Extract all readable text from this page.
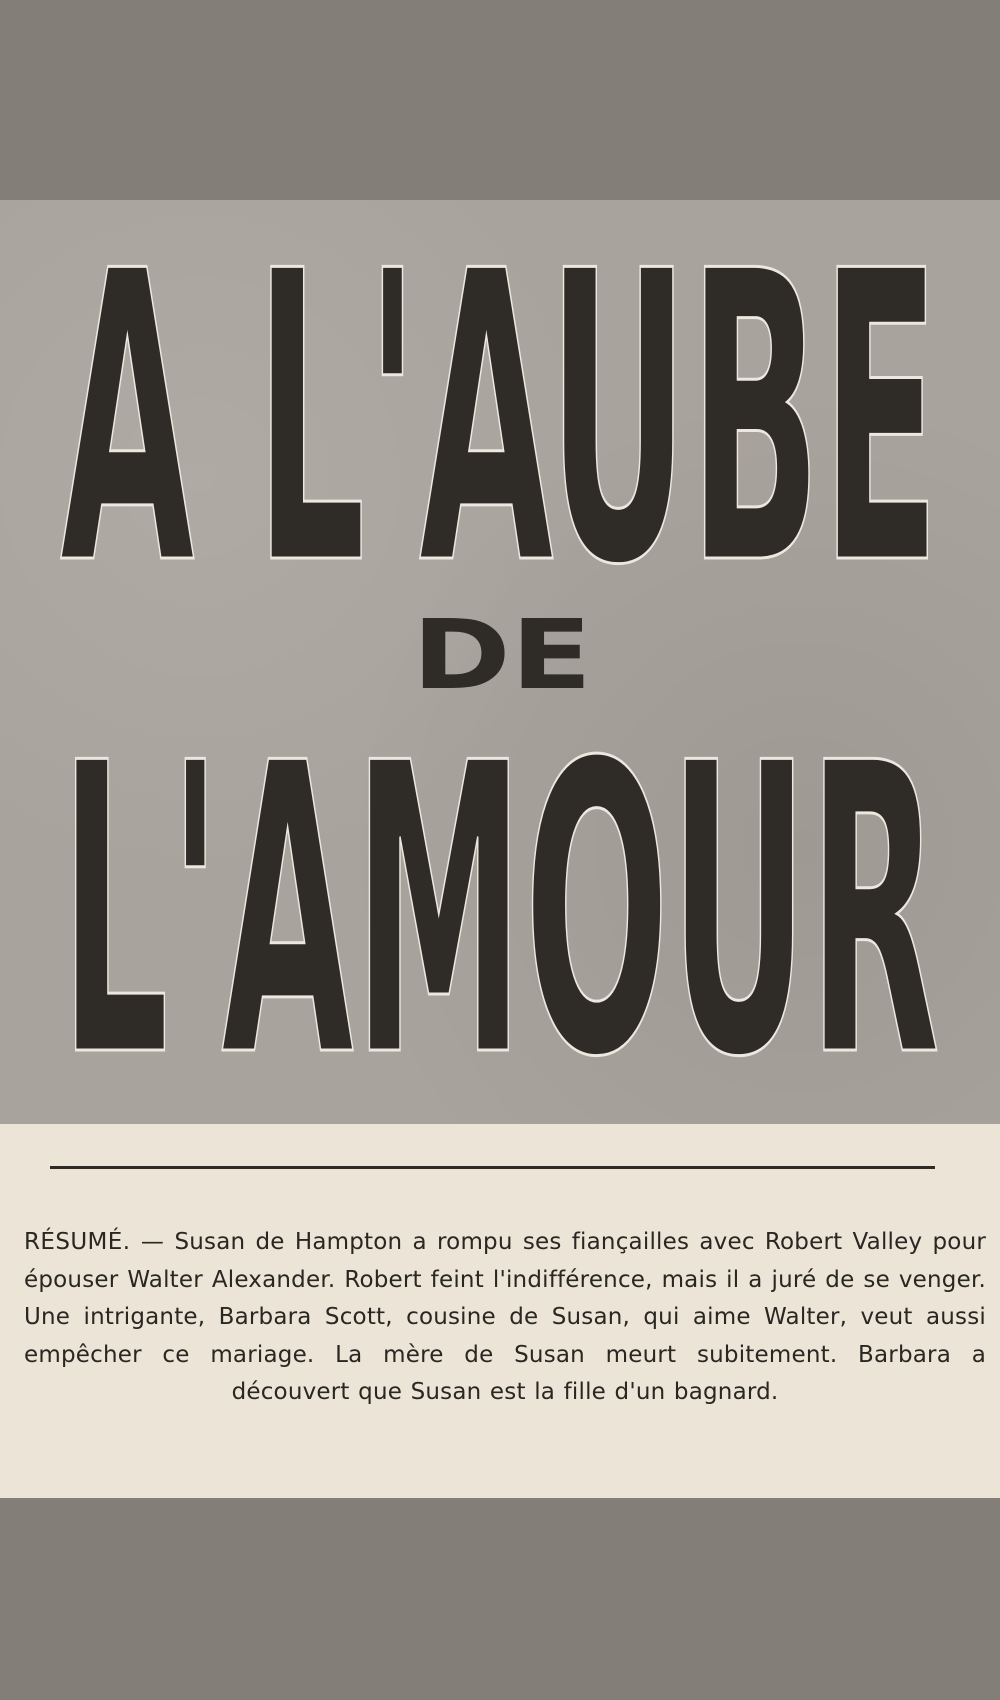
A L'AUBE
DE
L'AMOUR

RÉSUMÉ. — Susan de Hampton a rompu ses fiançailles avec Robert Valley pour épouser Walter Alexander. Robert feint l'indifférence, mais il a juré de se venger. Une intrigante, Barbara Scott, cousine de Susan, qui aime Walter, veut aussi empêcher ce mariage. La mère de Susan meurt subitement. Barbara a découvert que Susan est la fille d'un bagnard.
